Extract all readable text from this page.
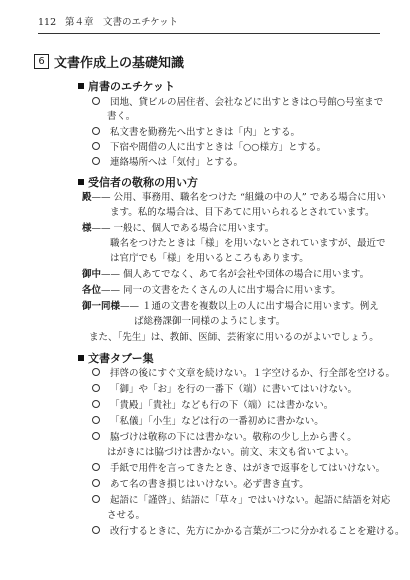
112 第４章　文書のエチケット
6 文書作成上の基礎知識
肩書のエチケット
団地、貸ビルの居住者、会社などに出すときは○号館○号室まで
書く。
私文書を勤務先へ出すときは「内」とする。
下宿や間借の人に出すときは「○○様方」とする。
連絡場所へは「気付」とする。
受信者の敬称の用い方
殿—— 公用、事務用、職名をつけた “組織の中の人” である場合に用い
ます。私的な場合は、目下あてに用いられるとされています。
様—— 一般に、個人である場合に用います。
職名をつけたときは「様」を用いないとされていますが、最近で
は官庁でも「様」を用いるところもあります。
御中—— 個人あてでなく、あて名が会社や団体の場合に用います。
各位—— 同一の文書をたくさんの人に出す場合に用います。
御一同様—— １通の文書を複数以上の人に出す場合に用います。例え
ば総務課御一同様のようにします。
また、「先生」は、教師、医師、芸術家に用いるのがよいでしょう。
文書タブー集
拝啓の後にすぐ文章を続けない。１字空けるか、行全部を空ける。
「御」や「お」を行の一番下（端）に書いてはいけない。
「貴殿」「貴社」なども行の下（端）には書かない。
「私儀」「小生」などは行の一番初めに書かない。
脇づけは敬称の下には書かない。敬称の少し上から書く。
はがきには脇づけは書かない。前文、末文も省いてよい。
手紙で用件を言ってきたとき、はがきで返事をしてはいけない。
あて名の書き損じはいけない。必ず書き直す。
起語に「謹啓」、結語に「草々」ではいけない。起語に結語を対応
させる。
改行するときに、先方にかかる言葉が二つに分かれることを避ける。
